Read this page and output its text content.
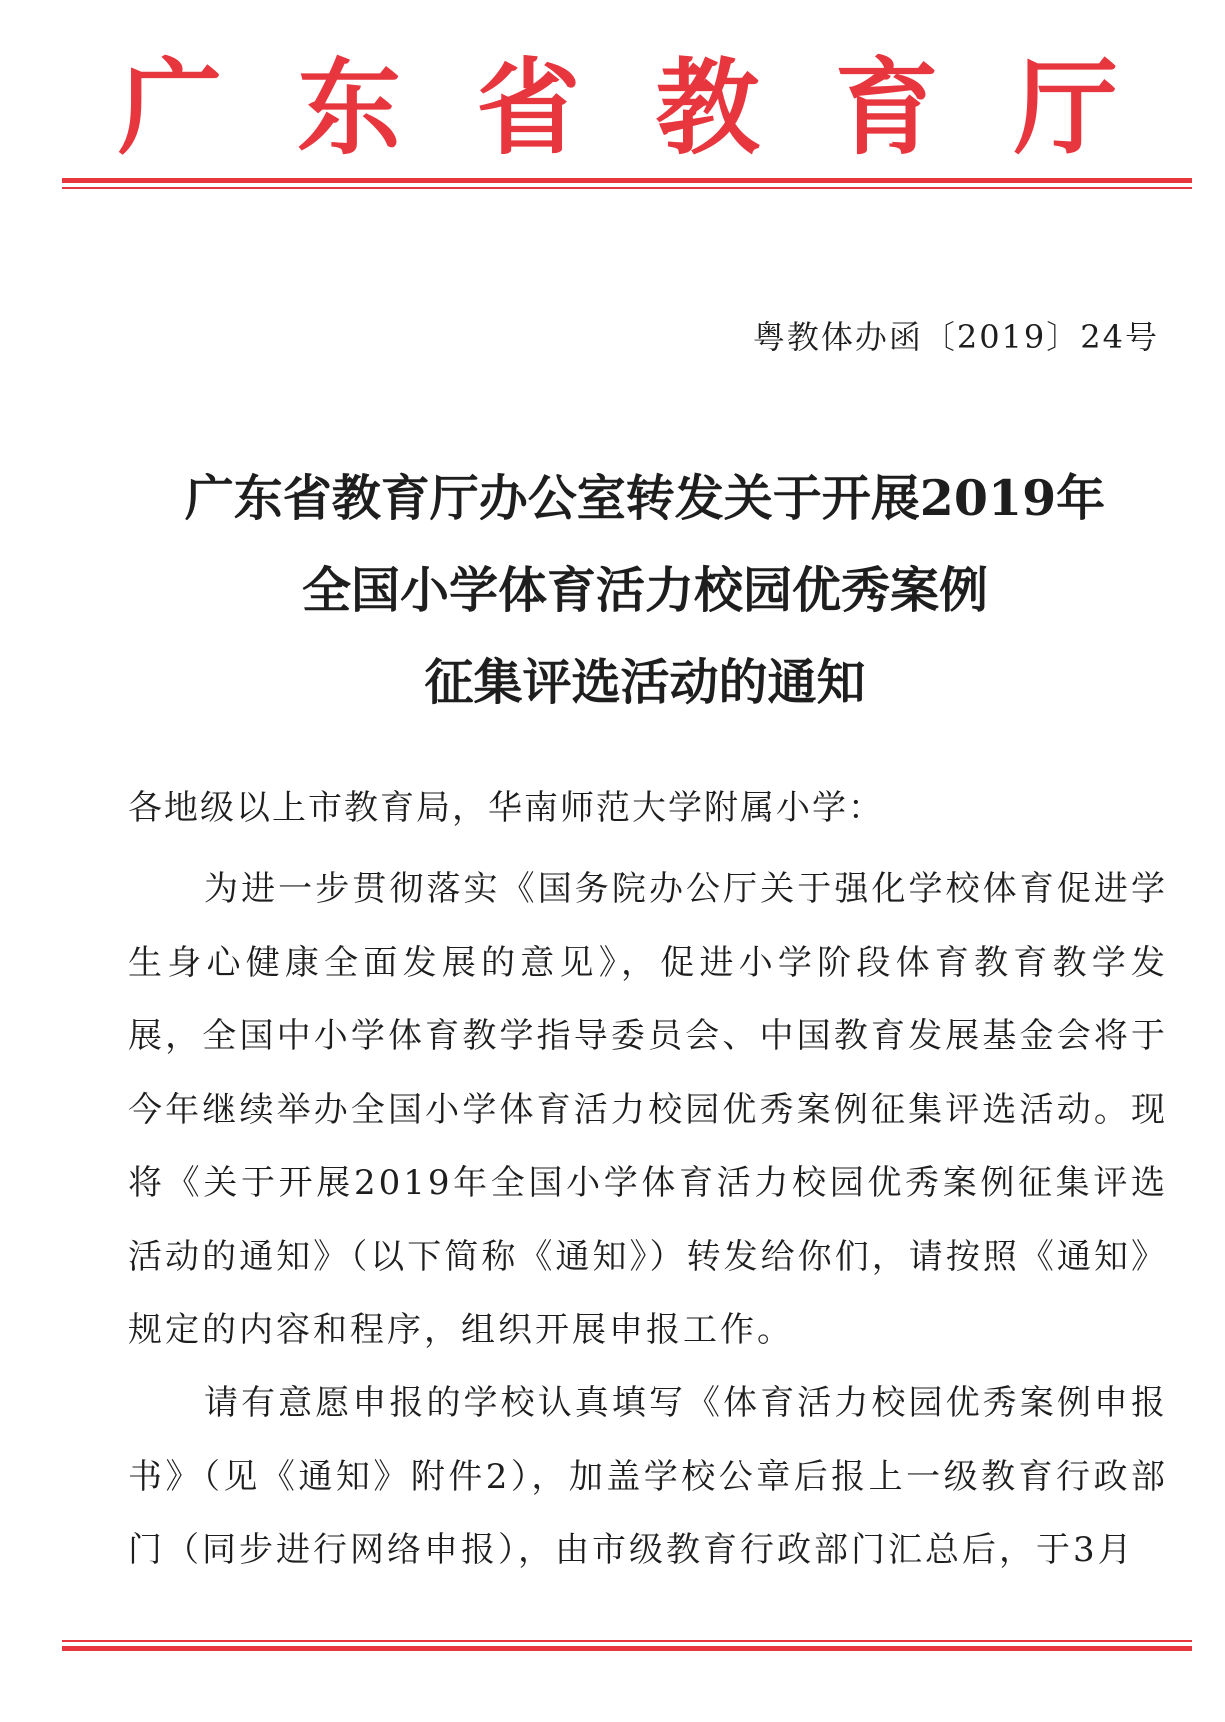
广 东 省 教 育 厅
粤教体办函〔2019〕24号
广东省教育厅办公室转发关于开展2019年
全国小学体育活力校园优秀案例
征集评选活动的通知
各地级以上市教育局，华南师范大学附属小学：
为进一步贯彻落实《国务院办公厅关于强化学校体育促进学生身心健康全面发展的意见》，促进小学阶段体育教育教学发展，全国中小学体育教学指导委员会、中国教育发展基金会将于今年继续举办全国小学体育活力校园优秀案例征集评选活动。现将《关于开展2019年全国小学体育活力校园优秀案例征集评选活动的通知》（以下简称《通知》）转发给你们，请按照《通知》规定的内容和程序，组织开展申报工作。
请有意愿申报的学校认真填写《体育活力校园优秀案例申报书》（见《通知》附件2），加盖学校公章后报上一级教育行政部门（同步进行网络申报），由市级教育行政部门汇总后，于3月
